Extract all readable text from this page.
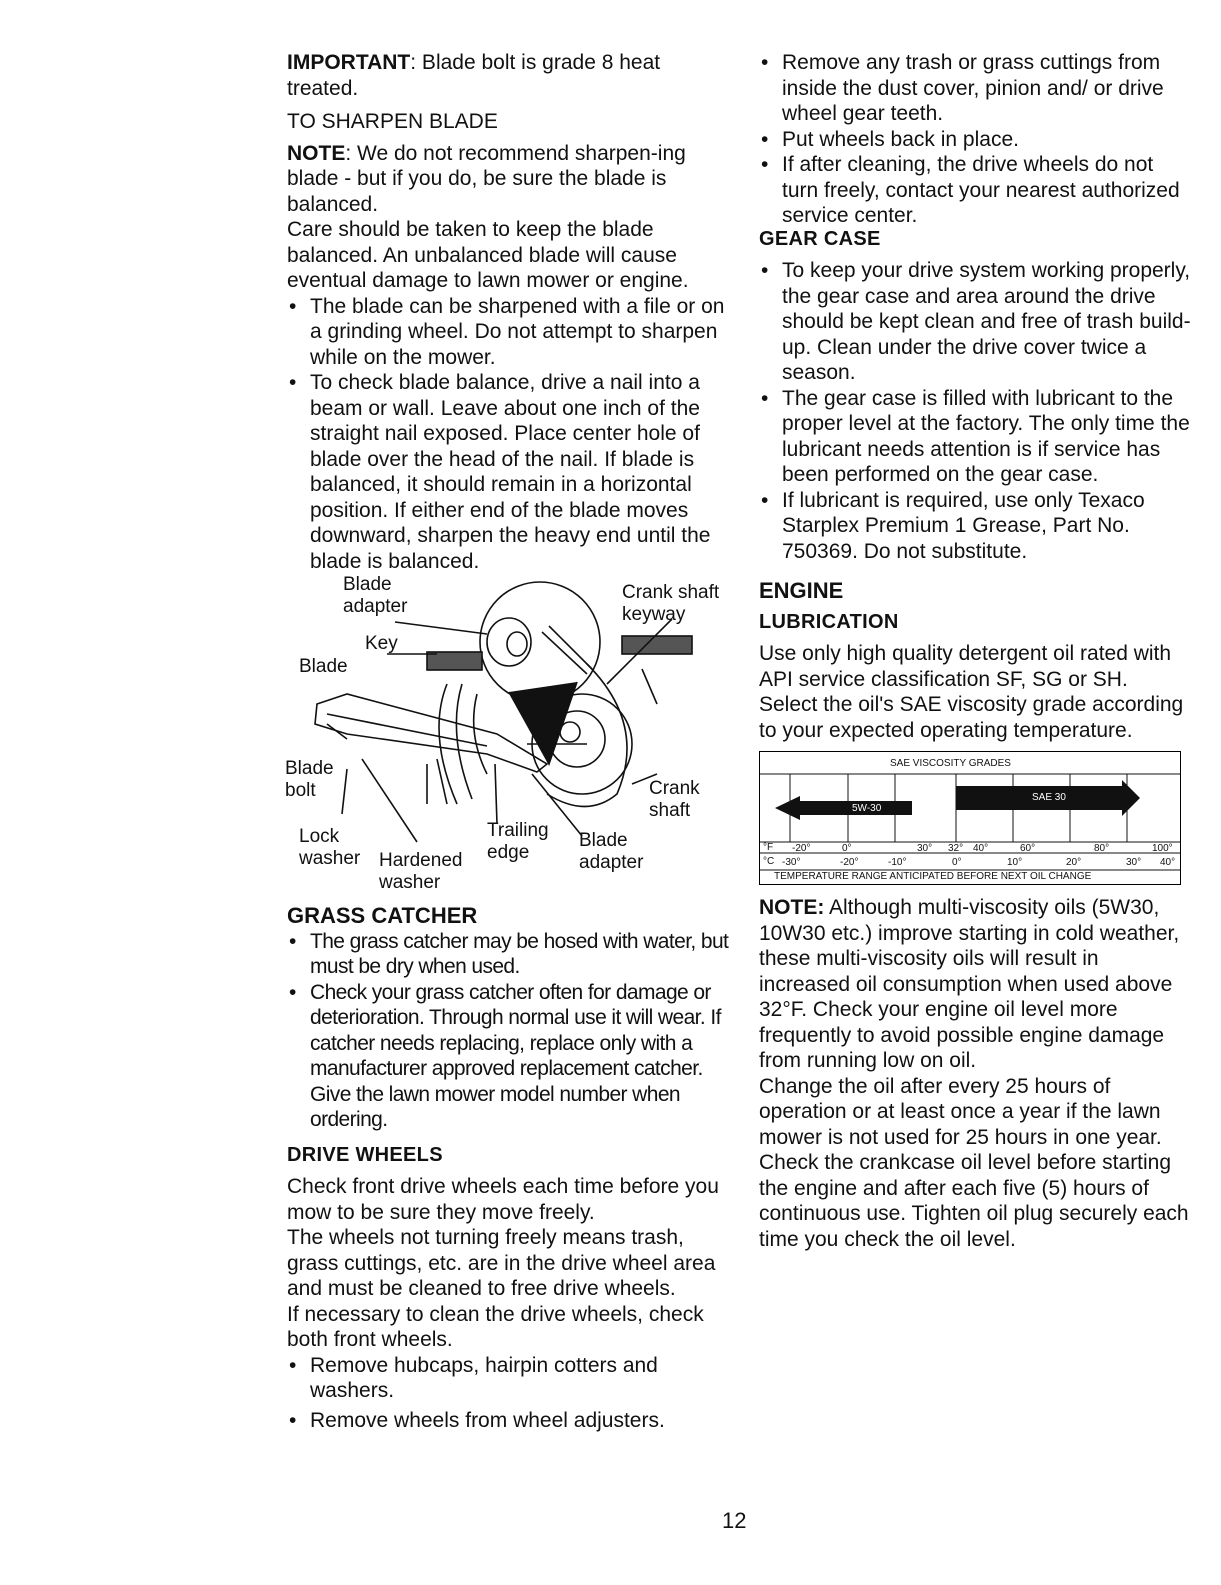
IMPORTANT: Blade bolt is grade 8 heat treated.

TO SHARPEN BLADE

NOTE: We do not recommend sharpen-ing blade - but if you do, be sure the blade is balanced.

Care should be taken to keep the blade balanced. An unbalanced blade will cause eventual damage to lawn mower or engine.

• The blade can be sharpened with a file or on a grinding wheel. Do not attempt to sharpen while on the mower.
• To check blade balance, drive a nail into a beam or wall. Leave about one inch of the straight nail exposed. Place center hole of blade over the head of the nail. If blade is balanced, it should remain in a horizontal position. If either end of the blade moves downward, sharpen the heavy end until the blade is balanced.
Crank shaft
keyway
Blade
adapter
Key
Blade
Blade
bolt	Crank
shaft
Lock
washer Hardened
washer
Trailing
edge
Blade
adapter

GRASS CATCHER

• The grass catcher may be hosed with water, but must be dry when used.
• Check your grass catcher often for damage or deterioration. Through normal use it will wear. If catcher needs replacing, replace only with a manufacturer approved replacement catcher. Give the lawn mower model number when ordering.

DRIVE WHEELS

Check front drive wheels each time before you mow to be sure they move freely.

The wheels not turning freely means trash, grass cuttings, etc. are in the drive wheel area and must be cleaned to free drive wheels.

If necessary to clean the drive wheels, check both front wheels.

• Remove hubcaps, hairpin cotters and washers.
• Remove wheels from wheel adjusters.
• Remove any trash or grass cuttings from inside the dust cover, pinion and/ or drive wheel gear teeth.
• Put wheels back in place.
• If after cleaning, the drive wheels do not turn freely, contact your nearest authorized service center.

GEAR CASE

• To keep your drive system working properly, the gear case and area around the drive should be kept clean and free of trash build-up. Clean under the drive cover twice a season.
• The gear case is filled with lubricant to the proper level at the factory. The only time the lubricant needs attention is if service has been performed on the gear case.
• If lubricant is required, use only Texaco Starplex Premium 1 Grease, Part No. 750369. Do not substitute.

ENGINE

LUBRICATION

Use only high quality detergent oil rated with API service classification SF, SG or SH. Select the oil's SAE viscosity grade according to your expected operating temperature.

SAE VISCOSITY GRADES
5W-30
SAE 30
°F -20°	0°	30° 32° 40°	60°	80°	100°
°C -30°	-20°	-10°	0°	10°	20°	30° 40°
TEMPERATURE RANGE ANTICIPATED BEFORE NEXT OIL CHANGE

NOTE: Although multi-viscosity oils (5W30, 10W30 etc.) improve starting in cold weather, these multi-viscosity oils will result in increased oil consumption when used above 32°F. Check your engine oil level more frequently to avoid possible engine damage from running low on oil.

Change the oil after every 25 hours of operation or at least once a year if the lawn mower is not used for 25 hours in one year.

Check the crankcase oil level before starting the engine and after each five (5) hours of continuous use. Tighten oil plug securely each time you check the oil level.

12
